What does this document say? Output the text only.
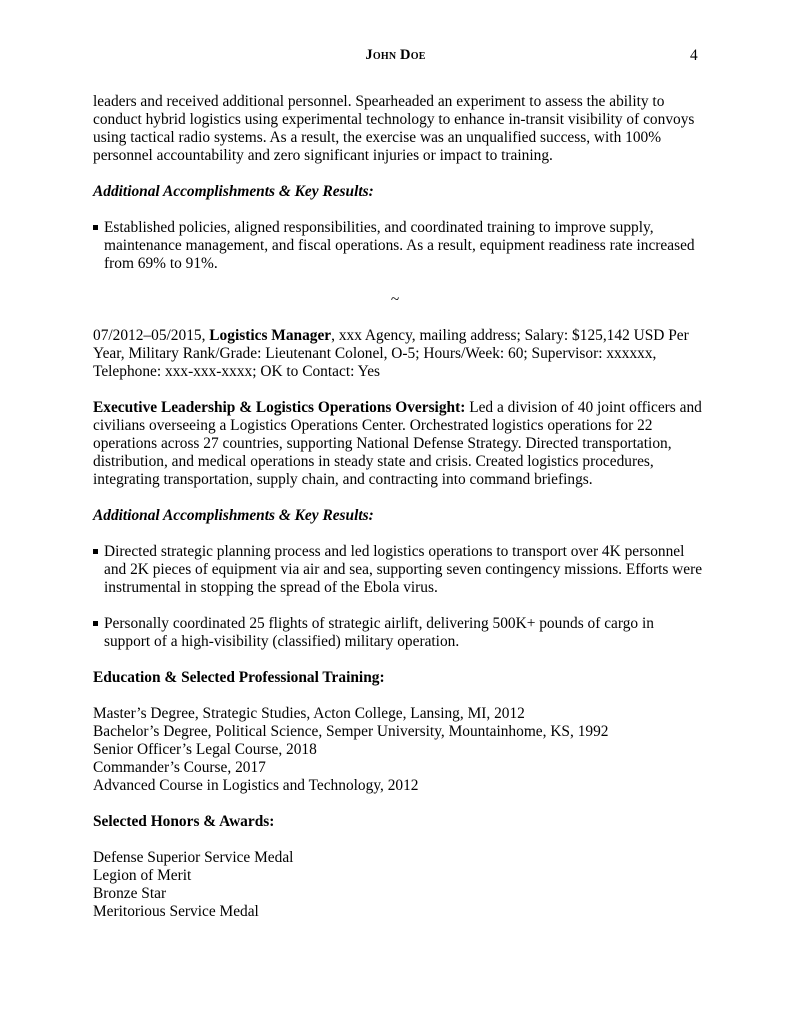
John Doe	4

leaders and received additional personnel. Spearheaded an experiment to assess the ability to conduct hybrid logistics using experimental technology to enhance in-transit visibility of convoys using tactical radio systems. As a result, the exercise was an unqualified success, with 100% personnel accountability and zero significant injuries or impact to training.

Additional Accomplishments & Key Results:

Established policies, aligned responsibilities, and coordinated training to improve supply, maintenance management, and fiscal operations. As a result, equipment readiness rate increased from 69% to 91%.

~

07/2012–05/2015, Logistics Manager, xxx Agency, mailing address; Salary: $125,142 USD Per Year, Military Rank/Grade: Lieutenant Colonel, O-5; Hours/Week: 60; Supervisor: xxxxxx, Telephone: xxx-xxx-xxxx; OK to Contact: Yes

Executive Leadership & Logistics Operations Oversight: Led a division of 40 joint officers and civilians overseeing a Logistics Operations Center. Orchestrated logistics operations for 22 operations across 27 countries, supporting National Defense Strategy. Directed transportation, distribution, and medical operations in steady state and crisis. Created logistics procedures, integrating transportation, supply chain, and contracting into command briefings.

Additional Accomplishments & Key Results:

Directed strategic planning process and led logistics operations to transport over 4K personnel and 2K pieces of equipment via air and sea, supporting seven contingency missions. Efforts were instrumental in stopping the spread of the Ebola virus.
Personally coordinated 25 flights of strategic airlift, delivering 500K+ pounds of cargo in support of a high-visibility (classified) military operation.

Education & Selected Professional Training:

Master’s Degree, Strategic Studies, Acton College, Lansing, MI, 2012

Bachelor’s Degree, Political Science, Semper University, Mountainhome, KS, 1992

Senior Officer’s Legal Course, 2018

Commander’s Course, 2017

Advanced Course in Logistics and Technology, 2012

Selected Honors & Awards:

Defense Superior Service Medal

Legion of Merit

Bronze Star

Meritorious Service Medal
